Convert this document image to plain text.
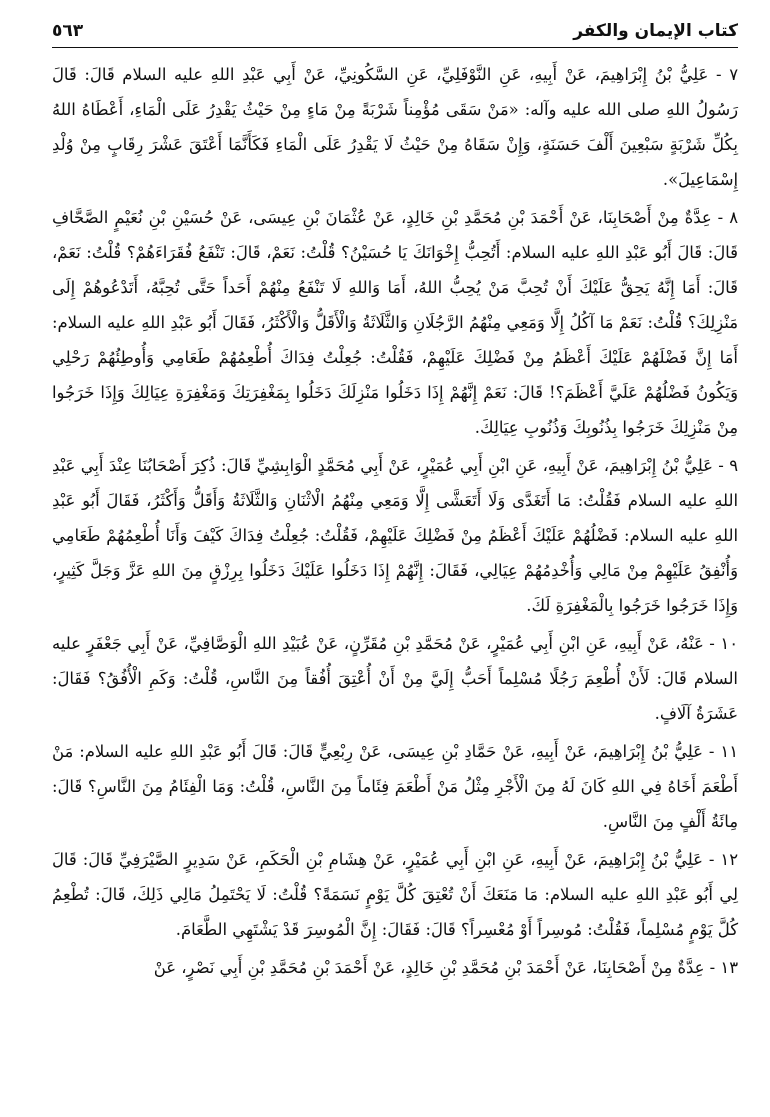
كتاب الإيمان والكفر
٥٦٣

٧ - عَلِيُّ بْنُ إِبْرَاهِيمَ، عَنْ أَبِيهِ، عَنِ النَّوْفَلِيِّ، عَنِ السَّكُونِيِّ، عَنْ أَبِي عَبْدِ اللهِ عليه السلام قَالَ: قَالَ رَسُولُ اللهِ صلى الله عليه وآله: «مَنْ سَقَى مُؤْمِناً شَرْبَةً مِنْ مَاءٍ مِنْ حَيْثُ يَقْدِرُ عَلَى الْمَاءِ، أَعْطَاهُ اللهُ بِكُلِّ شَرْبَةٍ سَبْعِينَ أَلْفَ حَسَنَةٍ، وَإِنْ سَقَاهُ مِنْ حَيْثُ لَا يَقْدِرُ عَلَى الْمَاءِ فَكَأَنَّمَا أَعْتَقَ عَشْرَ رِقَابٍ مِنْ وُلْدِ إِسْمَاعِيلَ».

٨ - عِدَّةٌ مِنْ أَصْحَابِنَا، عَنْ أَحْمَدَ بْنِ مُحَمَّدِ بْنِ خَالِدٍ، عَنْ عُثْمَانَ بْنِ عِيسَى، عَنْ حُسَيْنِ بْنِ نُعَيْمٍ الصَّحَّافِ قَالَ: قَالَ أَبُو عَبْدِ اللهِ عليه السلام: أَتُحِبُّ إِخْوَانَكَ يَا حُسَيْنُ؟ قُلْتُ: نَعَمْ، قَالَ: تَنْفَعُ فُقَرَاءَهُمْ؟ قُلْتُ: نَعَمْ، قَالَ: أَمَا إِنَّهُ يَحِقُّ عَلَيْكَ أَنْ تُحِبَّ مَنْ يُحِبُّ اللهُ، أَمَا وَاللهِ لَا تَنْفَعُ مِنْهُمْ أَحَداً حَتَّى تُحِبَّهُ، أَتَدْعُوهُمْ إِلَى مَنْزِلِكَ؟ قُلْتُ: نَعَمْ مَا آكُلُ إِلَّا وَمَعِي مِنْهُمُ الرَّجُلَانِ وَالثَّلَاثَةُ وَالْأَقَلُّ وَالْأَكْثَرُ، فَقَالَ أَبُو عَبْدِ اللهِ عليه السلام: أَمَا إِنَّ فَضْلَهُمْ عَلَيْكَ أَعْظَمُ مِنْ فَضْلِكَ عَلَيْهِمْ، فَقُلْتُ: جُعِلْتُ فِدَاكَ أُطْعِمُهُمْ طَعَامِي وَأُوطِئُهُمْ رَحْلِي وَيَكُونُ فَضْلُهُمْ عَلَيَّ أَعْظَمَ؟! قَالَ: نَعَمْ إِنَّهُمْ إِذَا دَخَلُوا مَنْزِلَكَ دَخَلُوا بِمَغْفِرَتِكَ وَمَغْفِرَةِ عِيَالِكَ وَإِذَا خَرَجُوا مِنْ مَنْزِلِكَ خَرَجُوا بِذُنُوبِكَ وَذُنُوبِ عِيَالِكَ.

٩ - عَلِيُّ بْنُ إِبْرَاهِيمَ، عَنْ أَبِيهِ، عَنِ ابْنِ أَبِي عُمَيْرٍ، عَنْ أَبِي مُحَمَّدٍ الْوَابِشِيِّ قَالَ: ذُكِرَ أَصْحَابُنَا عِنْدَ أَبِي عَبْدِ اللهِ عليه السلام فَقُلْتُ: مَا أَتَغَدَّى وَلَا أَتَعَشَّى إِلَّا وَمَعِي مِنْهُمُ الْاثْنَانِ وَالثَّلَاثَةُ وَأَقَلُّ وَأَكْثَرُ، فَقَالَ أَبُو عَبْدِ اللهِ عليه السلام: فَضْلُهُمْ عَلَيْكَ أَعْظَمُ مِنْ فَضْلِكَ عَلَيْهِمْ، فَقُلْتُ: جُعِلْتُ فِدَاكَ كَيْفَ وَأَنَا أُطْعِمُهُمْ طَعَامِي وَأُنْفِقُ عَلَيْهِمْ مِنْ مَالِي وَأُخْدِمُهُمْ عِيَالِي، فَقَالَ: إِنَّهُمْ إِذَا دَخَلُوا عَلَيْكَ دَخَلُوا بِرِزْقٍ مِنَ اللهِ عَزَّ وَجَلَّ كَثِيرٍ، وَإِذَا خَرَجُوا خَرَجُوا بِالْمَغْفِرَةِ لَكَ.

١٠ - عَنْهُ، عَنْ أَبِيهِ، عَنِ ابْنِ أَبِي عُمَيْرٍ، عَنْ مُحَمَّدِ بْنِ مُقَرِّنٍ، عَنْ عُبَيْدِ اللهِ الْوَصَّافِيِّ، عَنْ أَبِي جَعْفَرٍ عليه السلام قَالَ: لَأَنْ أُطْعِمَ رَجُلًا مُسْلِماً أَحَبُّ إِلَيَّ مِنْ أَنْ أُعْتِقَ أُفُقاً مِنَ النَّاسِ، قُلْتُ: وَكَمِ الْأُفُقُ؟ فَقَالَ: عَشَرَةُ آلَافٍ.

١١ - عَلِيُّ بْنُ إِبْرَاهِيمَ، عَنْ أَبِيهِ، عَنْ حَمَّادِ بْنِ عِيسَى، عَنْ رِبْعِيٍّ قَالَ: قَالَ أَبُو عَبْدِ اللهِ عليه السلام: مَنْ أَطْعَمَ أَخَاهُ فِي اللهِ كَانَ لَهُ مِنَ الْأَجْرِ مِثْلُ مَنْ أَطْعَمَ فِئَاماً مِنَ النَّاسِ، قُلْتُ: وَمَا الْفِئَامُ مِنَ النَّاسِ؟ قَالَ: مِائَةُ أَلْفٍ مِنَ النَّاسِ.

١٢ - عَلِيُّ بْنُ إِبْرَاهِيمَ، عَنْ أَبِيهِ، عَنِ ابْنِ أَبِي عُمَيْرٍ، عَنْ هِشَامِ بْنِ الْحَكَمِ، عَنْ سَدِيرٍ الصَّيْرَفِيِّ قَالَ: قَالَ لِي أَبُو عَبْدِ اللهِ عليه السلام: مَا مَنَعَكَ أَنْ تُعْتِقَ كُلَّ يَوْمٍ نَسَمَةً؟ قُلْتُ: لَا يَحْتَمِلُ مَالِي ذَلِكَ، قَالَ: تُطْعِمُ كُلَّ يَوْمٍ مُسْلِماً، فَقُلْتُ: مُوسِراً أَوْ مُعْسِراً؟ قَالَ: فَقَالَ: إِنَّ الْمُوسِرَ قَدْ يَشْتَهِي الطَّعَامَ.

١٣ - عِدَّةٌ مِنْ أَصْحَابِنَا، عَنْ أَحْمَدَ بْنِ مُحَمَّدِ بْنِ خَالِدٍ، عَنْ أَحْمَدَ بْنِ مُحَمَّدِ بْنِ أَبِي نَصْرٍ، عَنْ
